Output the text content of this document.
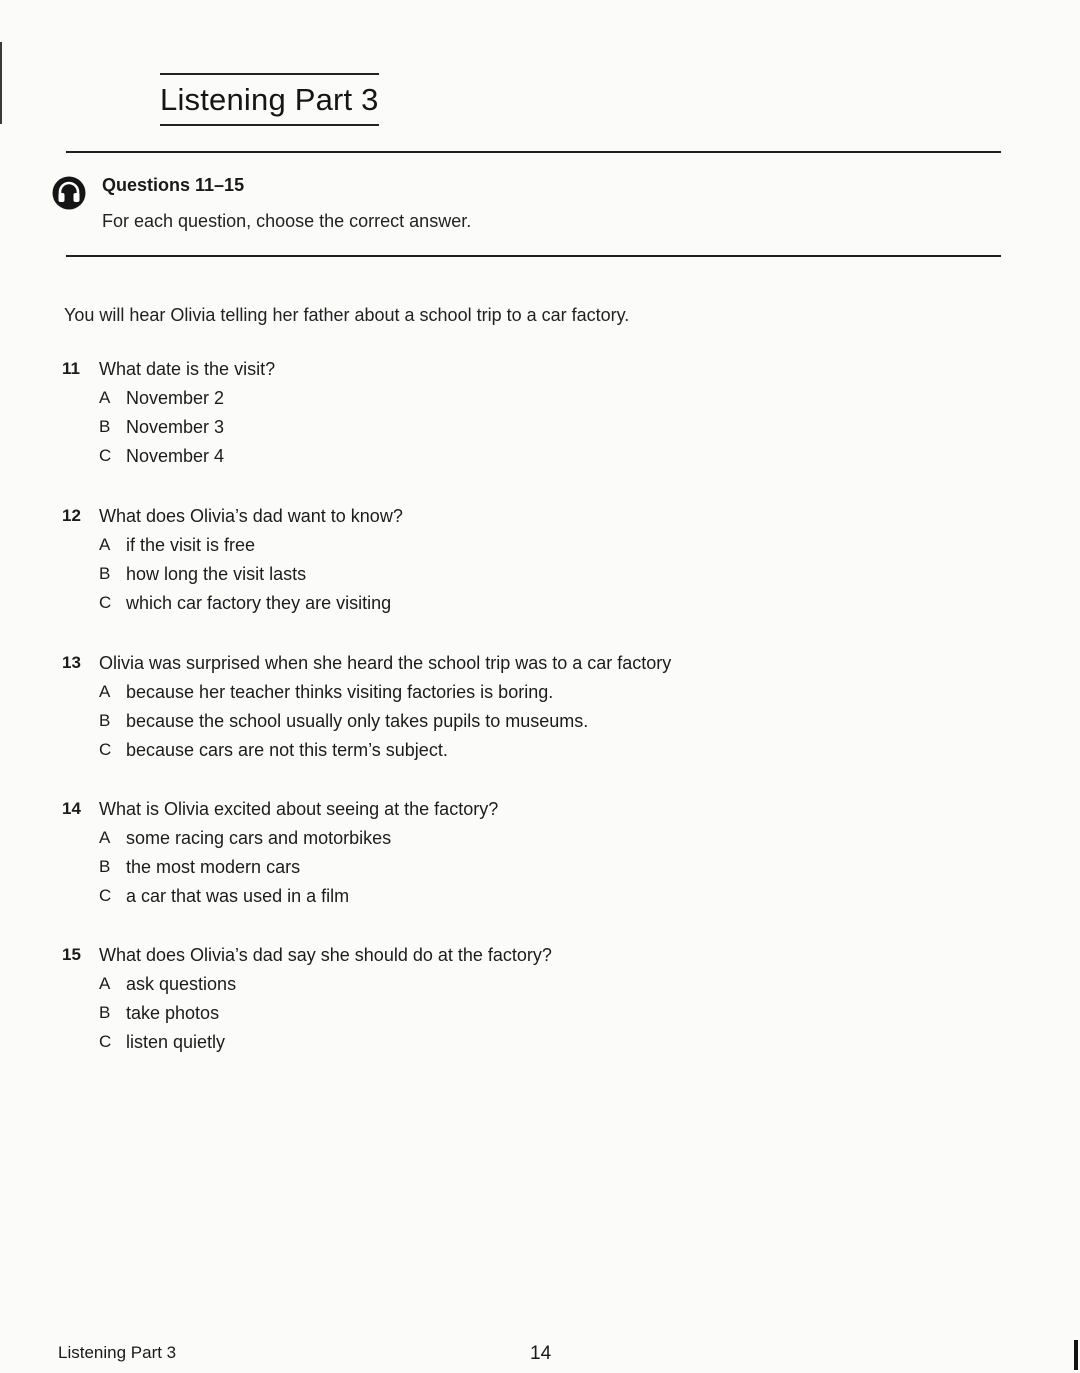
Listening Part 3
Questions 11–15
For each question, choose the correct answer.
You will hear Olivia telling her father about a school trip to a car factory.
11 What date is the visit?
A November 2
B November 3
C November 4
12 What does Olivia’s dad want to know?
A if the visit is free
B how long the visit lasts
C which car factory they are visiting
13 Olivia was surprised when she heard the school trip was to a car factory
A because her teacher thinks visiting factories is boring.
B because the school usually only takes pupils to museums.
C because cars are not this term’s subject.
14 What is Olivia excited about seeing at the factory?
A some racing cars and motorbikes
B the most modern cars
C a car that was used in a film
15 What does Olivia’s dad say she should do at the factory?
A ask questions
B take photos
C listen quietly
Listening Part 3	14
